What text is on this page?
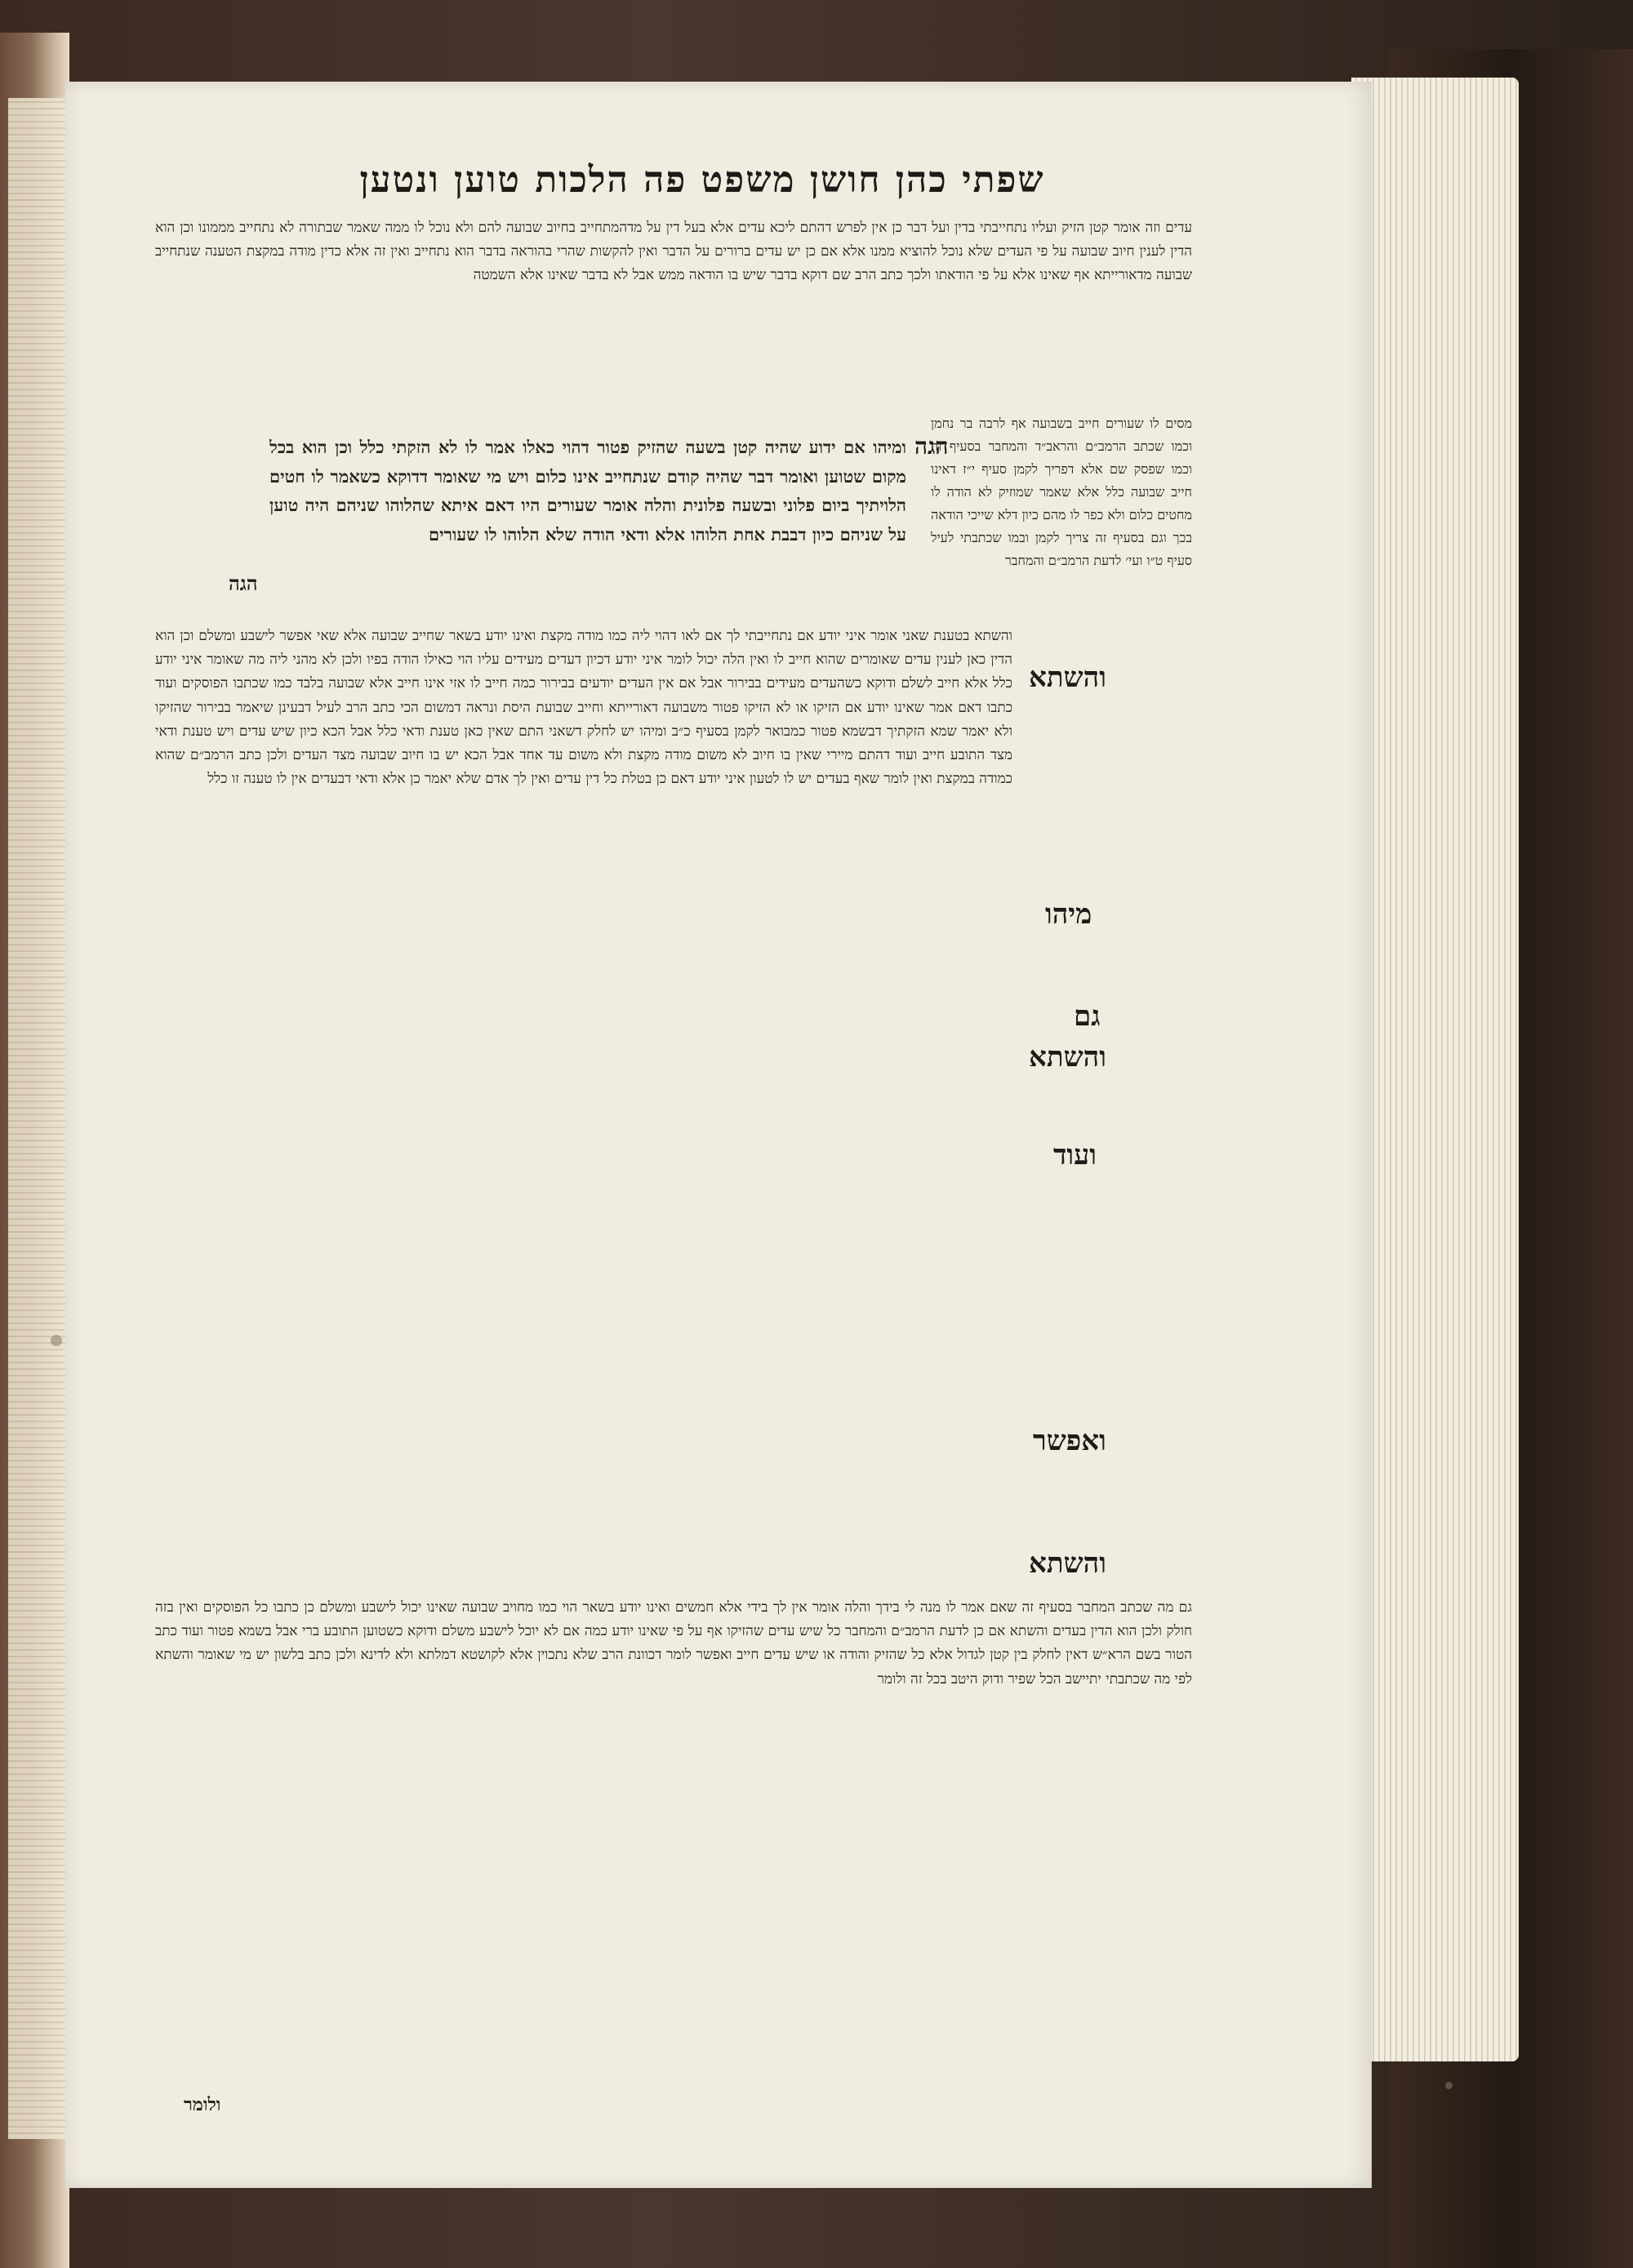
שפתי כהן חושן משפט פה הלכות טוען ונטען
עדים וזה אומר קטן הזיק ועליו נתחייבתי בדין ועל דבר כן אין לפרש דהתם ליכא עדים אלא בעל דין על מדהמתחייב בחיוב שבועה להם ולא נוכל לו ממה שאמר שבתורה לא נתחייב מממונו וכן הוא הדין לענין חיוב שבועה על פי העדים שלא נוכל להוציא ממנו אלא אם כן יש עדים ברורים על הדבר ואין להקשות שהרי בהוראה בדבר הוא נתחייב ואין זה אלא כדין מודה במקצת הטענה שנתחייב שבועה מדאורייתא אף שאינו אלא על פי הודאתו ולכך כתב הרב שם דוקא בדבר שיש בו הודאה ממש אבל לא בדבר שאינו אלא השמטה
הגה
ומיהו אם ידוע שהיה קטן בשעה שהזיק פטור דהוי כאלו אמר לו לא הזקתי כלל וכן הוא בכל מקום שטוען ואומר דבר שהיה קודם שנתחייב אינו כלום ויש מי שאומר דדוקא כשאמר לו חטים הלויתיך ביום פלוני ובשעה פלונית והלה אומר שעורים היו דאם איתא שהלוהו שניהם היה טוען על שניהם כיון דבבת אחת הלוהו אלא ודאי הודה שלא הלוהו לו שעורים
הגה
מסים לו שעורים חייב בשבועה אף לרבה בר נחמן וכמו שכתב הרמב״ם והראב״ד והמחבר בסעיף זה וכמו שפסק שם אלא דפריך לקמן סעיף י״ז דאינו חייב שבועה כלל אלא שאמר שמוזיק לא הודה לו מחטים כלום ולא כפר לו מהם כיון דלא שייכי הודאה בכך וגם בסעיף זה צריך לקמן ובמו שכתבתי לעיל סעיף ט״ו ועי׳ לדעת הרמב״ם והמחבר
והשתא
מיהו
גם
והשתא
ועוד
ואפשר
והשתא
והשתא בטענת שאני אומר איני יודע אם נתחייבתי לך אם לאו דהוי ליה כמו מודה מקצת ואינו יודע בשאר שחייב שבועה אלא שאי אפשר לישבע ומשלם וכן הוא הדין כאן לענין עדים שאומרים שהוא חייב לו ואין הלה יכול לומר איני יודע דכיון דעדים מעידים עליו הוי כאילו הודה בפיו ולכן לא מהני ליה מה שאומר איני יודע כלל אלא חייב לשלם ודוקא כשהעדים מעידים בבירור אבל אם אין העדים יודעים בבירור כמה חייב לו אזי אינו חייב אלא שבועה בלבד כמו שכתבו הפוסקים ועוד כתבו דאם אמר שאינו יודע אם הזיקו או לא הזיקו פטור משבועה דאורייתא וחייב שבועת היסת ונראה דמשום הכי כתב הרב לעיל דבעינן שיאמר בבירור שהזיקו ולא יאמר שמא הזקתיך דבשמא פטור כמבואר לקמן בסעיף כ״ב ומיהו יש לחלק דשאני התם שאין כאן טענת ודאי כלל אבל הכא כיון שיש עדים ויש טענת ודאי מצד התובע חייב ועוד דהתם מיירי שאין בו חיוב לא משום מודה מקצת ולא משום עד אחד אבל הכא יש בו חיוב שבועה מצד העדים ולכן כתב הרמב״ם שהוא כמודה במקצת ואין לומר שאף בעדים יש לו לטעון איני יודע דאם כן בטלת כל דין עדים ואין לך אדם שלא יאמר כן אלא ודאי דבעדים אין לו טענה זו כלל
גם מה שכתב המחבר בסעיף זה שאם אמר לו מנה לי בידך והלה אומר אין לך בידי אלא חמשים ואינו יודע בשאר הוי כמו מחויב שבועה שאינו יכול לישבע ומשלם כן כתבו כל הפוסקים ואין בזה חולק ולכן הוא הדין בעדים והשתא אם כן לדעת הרמב״ם והמחבר כל שיש עדים שהזיקו אף על פי שאינו יודע כמה אם לא יוכל לישבע משלם ודוקא כשטוען התובע ברי אבל בשמא פטור ועוד כתב הטור בשם הרא״ש דאין לחלק בין קטן לגדול אלא כל שהזיק והודה או שיש עדים חייב ואפשר לומר דכוונת הרב שלא נתכוין אלא לקושטא דמלתא ולא לדינא ולכן כתב בלשון יש מי שאומר והשתא לפי מה שכתבתי יתיישב הכל שפיר ודוק היטב בכל זה ולומר
ולומר
